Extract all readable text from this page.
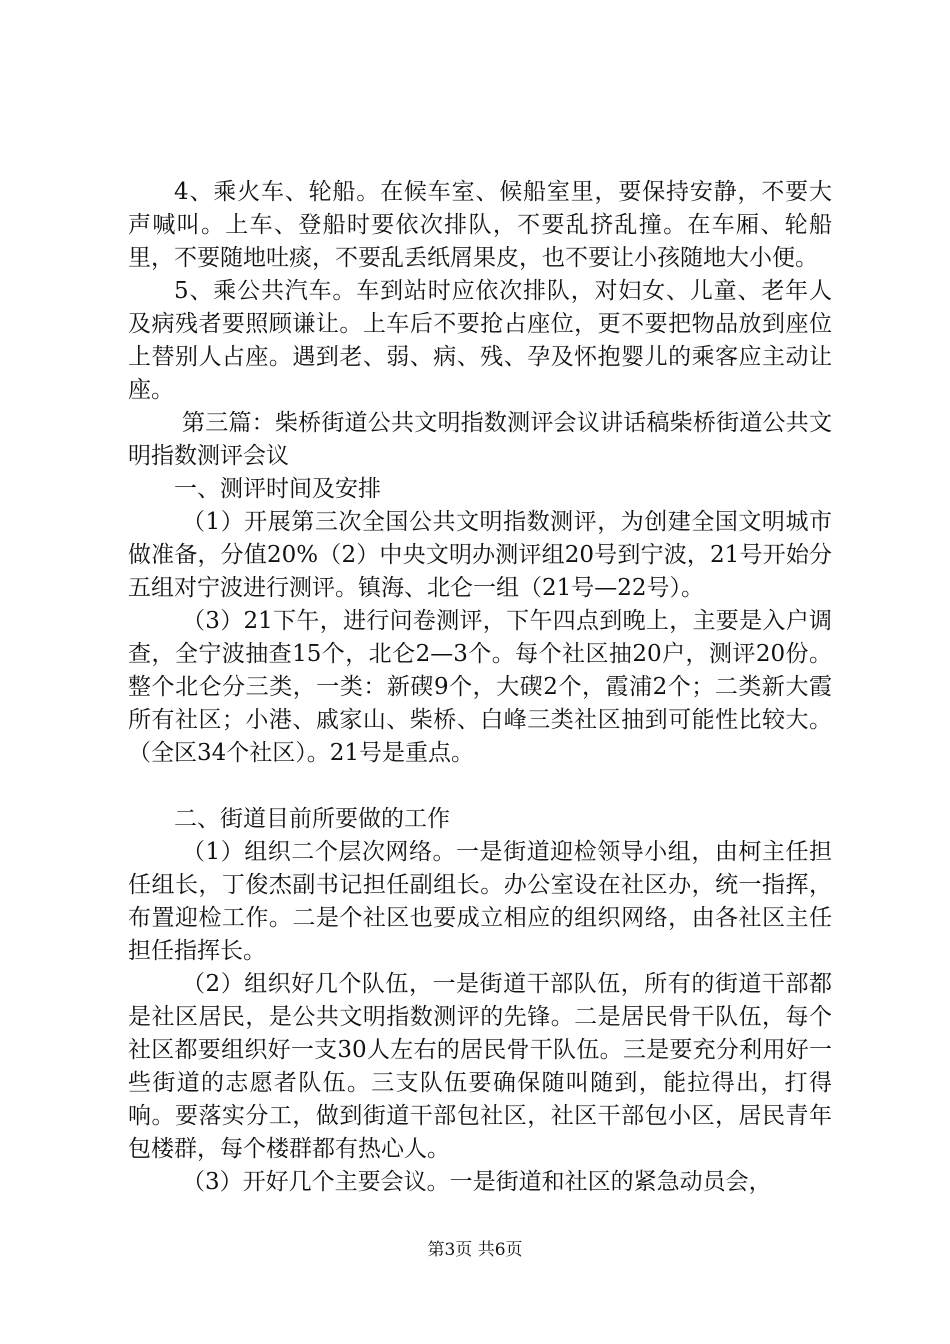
4、乘火车、轮船。在候车室、候船室里，要保持安静，不要大声喊叫。上车、登船时要依次排队，不要乱挤乱撞。在车厢、轮船里，不要随地吐痰，不要乱丢纸屑果皮，也不要让小孩随地大小便。

5、乘公共汽车。车到站时应依次排队，对妇女、儿童、老年人及病残者要照顾谦让。上车后不要抢占座位，更不要把物品放到座位上替别人占座。遇到老、弱、病、残、孕及怀抱婴儿的乘客应主动让座。

第三篇：柴桥街道公共文明指数测评会议讲话稿柴桥街道公共文明指数测评会议

一、测评时间及安排

（1）开展第三次全国公共文明指数测评，为创建全国文明城市做准备，分值20%（2）中央文明办测评组20号到宁波，21号开始分五组对宁波进行测评。镇海、北仑一组（21号—22号）。

（3）21下午，进行问卷测评，下午四点到晚上，主要是入户调查，全宁波抽查15个，北仑2—3个。每个社区抽20户，测评20份。整个北仑分三类，一类：新碶9个，大碶2个，霞浦2个；二类新大霞所有社区；小港、戚家山、柴桥、白峰三类社区抽到可能性比较大。（全区34个社区）。21号是重点。

二、街道目前所要做的工作

（1）组织二个层次网络。一是街道迎检领导小组，由柯主任担任组长，丁俊杰副书记担任副组长。办公室设在社区办，统一指挥，布置迎检工作。二是个社区也要成立相应的组织网络，由各社区主任担任指挥长。

（2）组织好几个队伍，一是街道干部队伍，所有的街道干部都是社区居民，是公共文明指数测评的先锋。二是居民骨干队伍，每个社区都要组织好一支30人左右的居民骨干队伍。三是要充分利用好一些街道的志愿者队伍。三支队伍要确保随叫随到，能拉得出，打得响。要落实分工，做到街道干部包社区，社区干部包小区，居民青年包楼群，每个楼群都有热心人。

（3）开好几个主要会议。一是街道和社区的紧急动员会，

第3页 共6页
